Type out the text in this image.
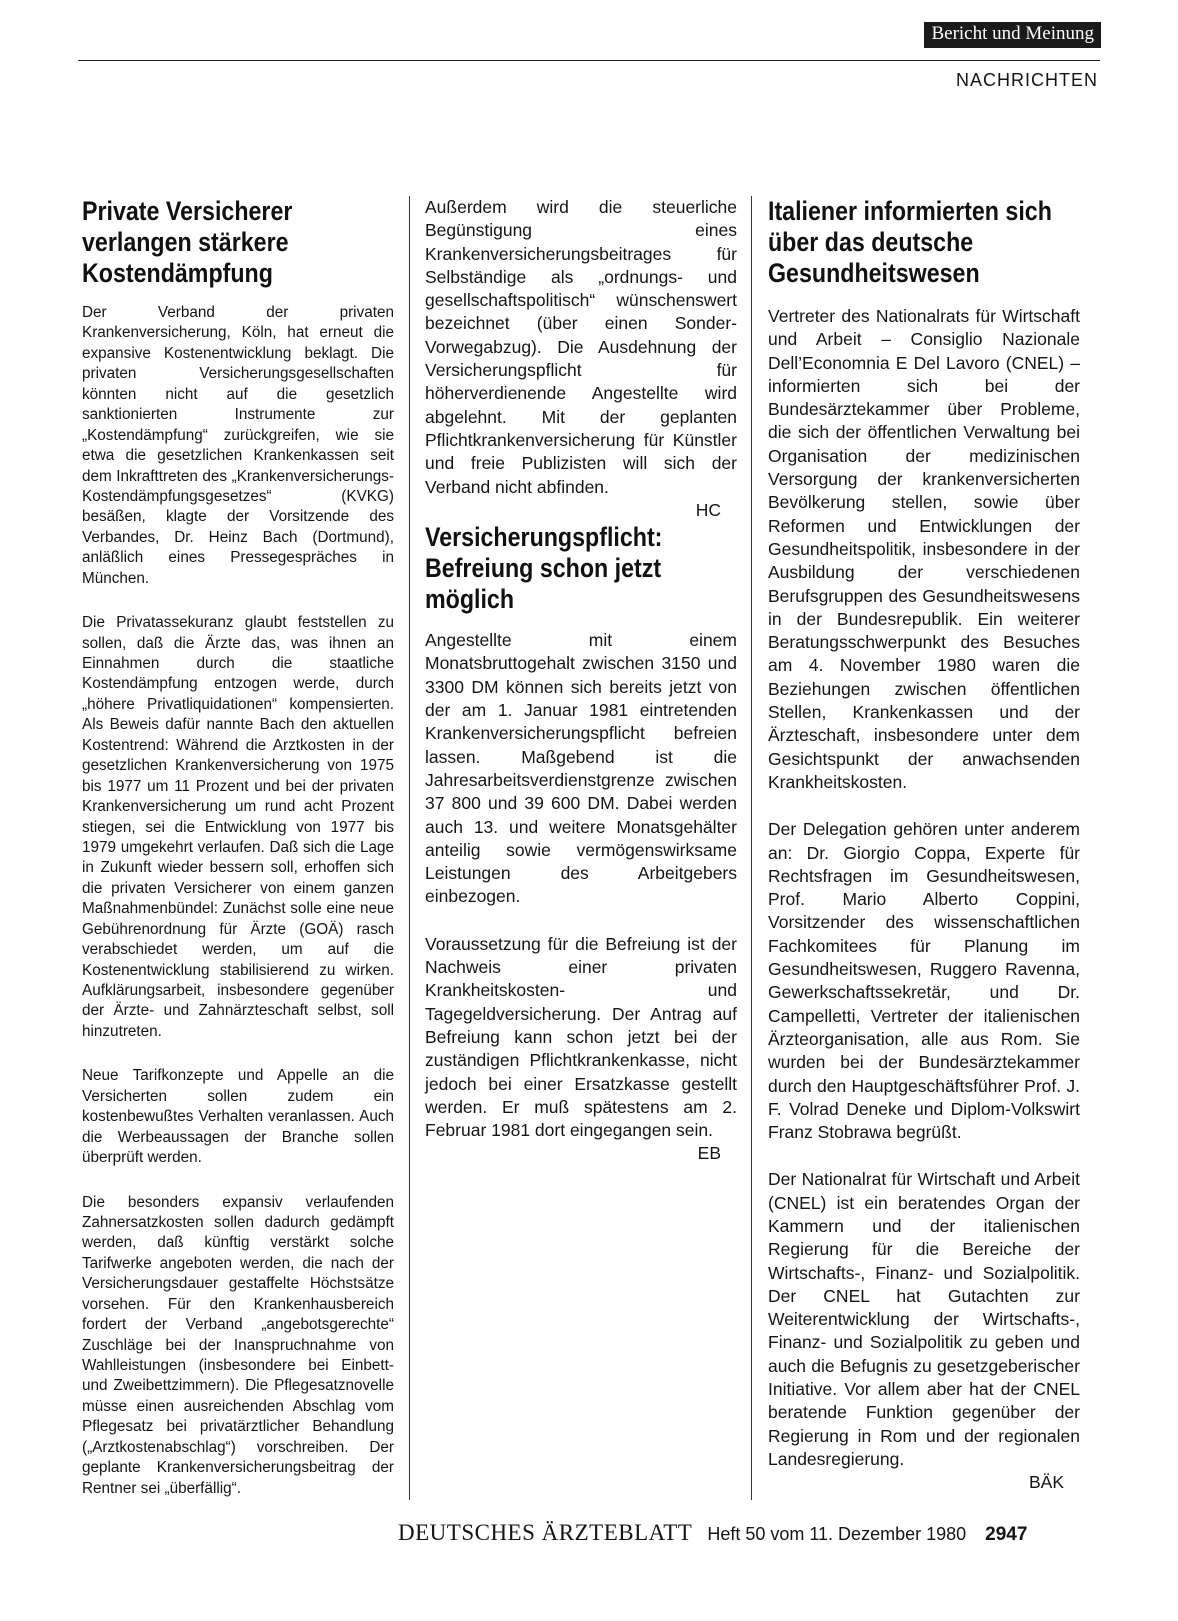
Bericht und Meinung
NACHRICHTEN
Private Versicherer verlangen stärkere Kostendämpfung

Der Verband der privaten Krankenversicherung, Köln, hat erneut die expansive Kostenentwicklung beklagt. Die privaten Versicherungsgesellschaften könnten nicht auf die gesetzlich sanktionierten Instrumente zur „Kostendämpfung“ zurückgreifen, wie sie etwa die gesetzlichen Krankenkassen seit dem Inkrafttreten des „Krankenversicherungs-Kostendämpfungsgesetzes“ (KVKG) besäßen, klagte der Vorsitzende des Verbandes, Dr. Heinz Bach (Dortmund), anläßlich eines Pressegespräches in München.

Die Privatassekuranz glaubt feststellen zu sollen, daß die Ärzte das, was ihnen an Einnahmen durch die staatliche Kostendämpfung entzogen werde, durch „höhere Privatliquidationen“ kompensierten. Als Beweis dafür nannte Bach den aktuellen Kostentrend: Während die Arztkosten in der gesetzlichen Krankenversicherung von 1975 bis 1977 um 11 Prozent und bei der privaten Krankenversicherung um rund acht Prozent stiegen, sei die Entwicklung von 1977 bis 1979 umgekehrt verlaufen. Daß sich die Lage in Zukunft wieder bessern soll, erhoffen sich die privaten Versicherer von einem ganzen Maßnahmenbündel: Zunächst solle eine neue Gebührenordnung für Ärzte (GOÄ) rasch verabschiedet werden, um auf die Kostenentwicklung stabilisierend zu wirken. Aufklärungsarbeit, insbesondere gegenüber der Ärzte- und Zahnärzteschaft selbst, soll hinzutreten.

Neue Tarifkonzepte und Appelle an die Versicherten sollen zudem ein kostenbewußtes Verhalten veranlassen. Auch die Werbeaussagen der Branche sollen überprüft werden.

Die besonders expansiv verlaufenden Zahnersatzkosten sollen dadurch gedämpft werden, daß künftig verstärkt solche Tarifwerke angeboten werden, die nach der Versicherungsdauer gestaffelte Höchstsätze vorsehen. Für den Krankenhausbereich fordert der Verband „angebotsgerechte“ Zuschläge bei der Inanspruchnahme von Wahlleistungen (insbesondere bei Einbett- und Zweibettzimmern). Die Pflegesatznovelle müsse einen ausreichenden Abschlag vom Pflegesatz bei privatärztlicher Behandlung („Arztkostenabschlag“) vorschreiben. Der geplante Krankenversicherungsbeitrag der Rentner sei „überfällig“.

Außerdem wird die steuerliche Begünstigung eines Krankenversicherungsbeitrages für Selbständige als „ordnungs- und gesellschaftspolitisch“ wünschenswert bezeichnet (über einen Sonder-Vorwegabzug). Die Ausdehnung der Versicherungspflicht für höherverdienende Angestellte wird abgelehnt. Mit der geplanten Pflichtkrankenversicherung für Künstler und freie Publizisten will sich der Verband nicht abfinden.

HC

Versicherungspflicht: Befreiung schon jetzt möglich

Angestellte mit einem Monatsbruttogehalt zwischen 3150 und 3300 DM können sich bereits jetzt von der am 1. Januar 1981 eintretenden Krankenversicherungspflicht befreien lassen. Maßgebend ist die Jahresarbeitsverdienstgrenze zwischen 37 800 und 39 600 DM. Dabei werden auch 13. und weitere Monatsgehälter anteilig sowie vermögenswirksame Leistungen des Arbeitgebers einbezogen.

Voraussetzung für die Befreiung ist der Nachweis einer privaten Krankheitskosten- und Tagegeldversicherung. Der Antrag auf Befreiung kann schon jetzt bei der zuständigen Pflichtkrankenkasse, nicht jedoch bei einer Ersatzkasse gestellt werden. Er muß spätestens am 2. Februar 1981 dort eingegangen sein.

EB

Italiener informierten sich über das deutsche Gesundheitswesen

Vertreter des Nationalrats für Wirtschaft und Arbeit – Consiglio Nazionale Dell’Economnia E Del Lavoro (CNEL) – informierten sich bei der Bundesärztekammer über Probleme, die sich der öffentlichen Verwaltung bei Organisation der medizinischen Versorgung der krankenversicherten Bevölkerung stellen, sowie über Reformen und Entwicklungen der Gesundheitspolitik, insbesondere in der Ausbildung der verschiedenen Berufsgruppen des Gesundheitswesens in der Bundesrepublik. Ein weiterer Beratungsschwerpunkt des Besuches am 4. November 1980 waren die Beziehungen zwischen öffentlichen Stellen, Krankenkassen und der Ärzteschaft, insbesondere unter dem Gesichtspunkt der anwachsenden Krankheitskosten.

Der Delegation gehören unter anderem an: Dr. Giorgio Coppa, Experte für Rechtsfragen im Gesundheitswesen, Prof. Mario Alberto Coppini, Vorsitzender des wissenschaftlichen Fachkomitees für Planung im Gesundheitswesen, Ruggero Ravenna, Gewerkschaftssekretär, und Dr. Campelletti, Vertreter der italienischen Ärzteorganisation, alle aus Rom. Sie wurden bei der Bundesärztekammer durch den Hauptgeschäftsführer Prof. J. F. Volrad Deneke und Diplom-Volkswirt Franz Stobrawa begrüßt.

Der Nationalrat für Wirtschaft und Arbeit (CNEL) ist ein beratendes Organ der Kammern und der italienischen Regierung für die Bereiche der Wirtschafts-, Finanz- und Sozialpolitik. Der CNEL hat Gutachten zur Weiterentwicklung der Wirtschafts-, Finanz- und Sozialpolitik zu geben und auch die Befugnis zu gesetzgeberischer Initiative. Vor allem aber hat der CNEL beratende Funktion gegenüber der Regierung in Rom und der regionalen Landesregierung.

BÄK

DEUTSCHES ÄRZTEBLATT Heft 50 vom 11. Dezember 1980 2947
